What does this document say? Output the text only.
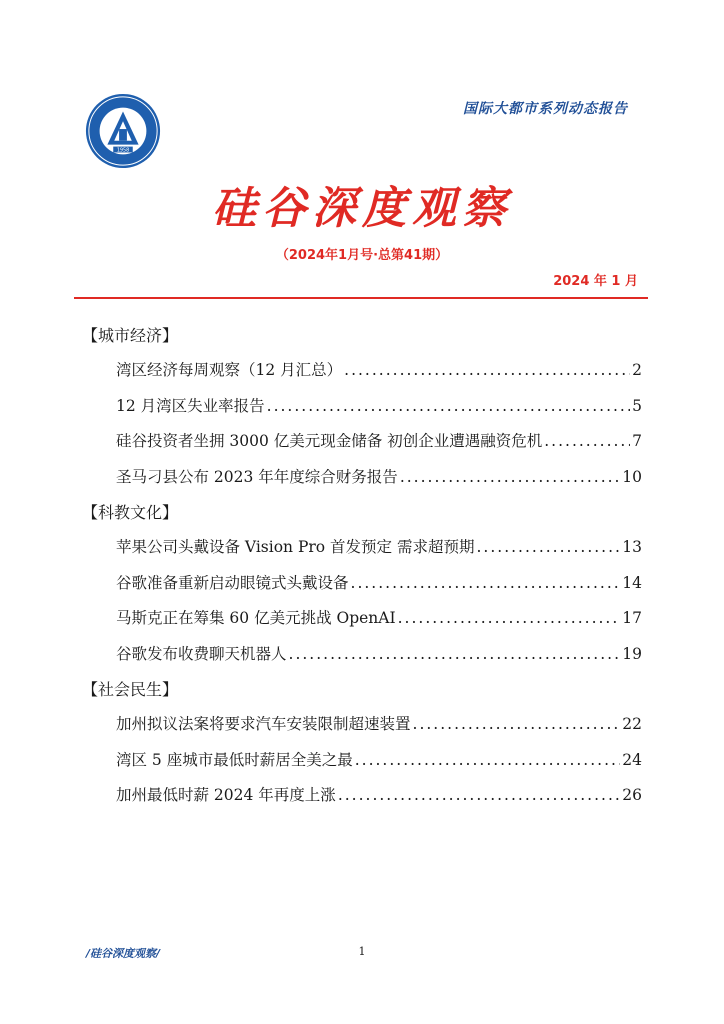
1958
国际大都市系列动态报告
硅谷深度观察
（2024年1月号·总第41期）
2024 年 1 月
【城市经济】
湾区经济每周观察（12 月汇总） .....	2
12 月湾区失业率报告 .....	5
硅谷投资者坐拥 3000 亿美元现金储备 初创企业遭遇融资危机 .....	7
圣马刁县公布 2023 年年度综合财务报告 .....	10
【科教文化】
苹果公司头戴设备 Vision Pro 首发预定 需求超预期 .....	13
谷歌准备重新启动眼镜式头戴设备 .....	14
马斯克正在筹集 60 亿美元挑战 OpenAI .....	17
谷歌发布收费聊天机器人 .....	19
【社会民生】
加州拟议法案将要求汽车安装限制超速装置 .....	22
湾区 5 座城市最低时薪居全美之最 .....	24
加州最低时薪 2024 年再度上涨 .....	26
/硅谷深度观察/	1
